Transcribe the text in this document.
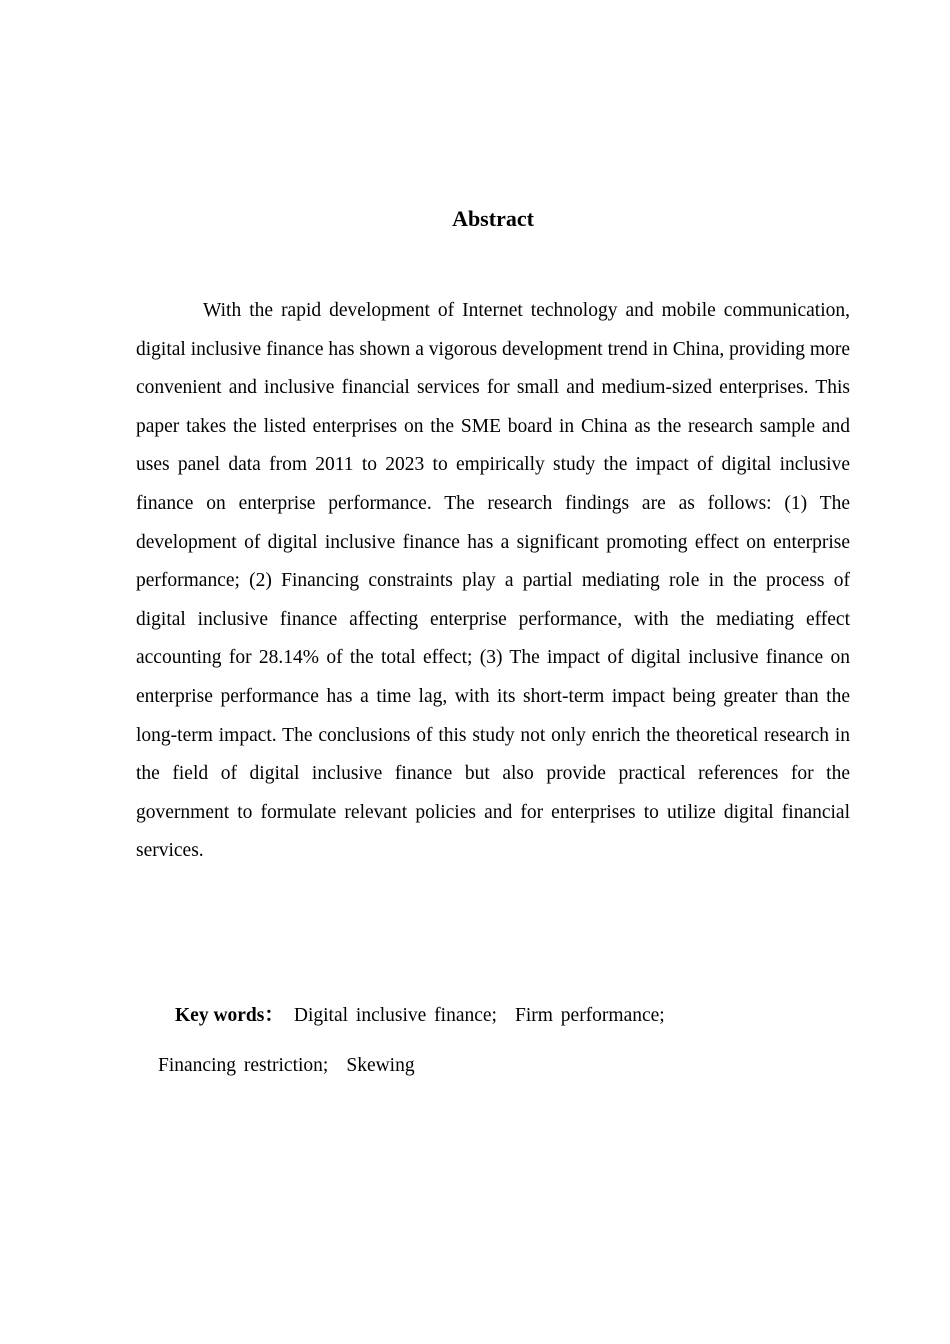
Abstract

With the rapid development of Internet technology and mobile communication, digital inclusive finance has shown a vigorous development trend in China, providing more convenient and inclusive financial services for small and medium-sized enterprises. This paper takes the listed enterprises on the SME board in China as the research sample and uses panel data from 2011 to 2023 to empirically study the impact of digital inclusive finance on enterprise performance. The research findings are as follows: (1) The development of digital inclusive finance has a significant promoting effect on enterprise performance; (2) Financing constraints play a partial mediating role in the process of digital inclusive finance affecting enterprise performance, with the mediating effect accounting for 28.14% of the total effect; (3) The impact of digital inclusive finance on enterprise performance has a time lag, with its short-term impact being greater than the long-term impact. The conclusions of this study not only enrich the theoretical research in the field of digital inclusive finance but also provide practical references for the government to formulate relevant policies and for enterprises to utilize digital financial services.

Key words： Digital inclusive finance; Firm performance;
Financing restriction; Skewing
